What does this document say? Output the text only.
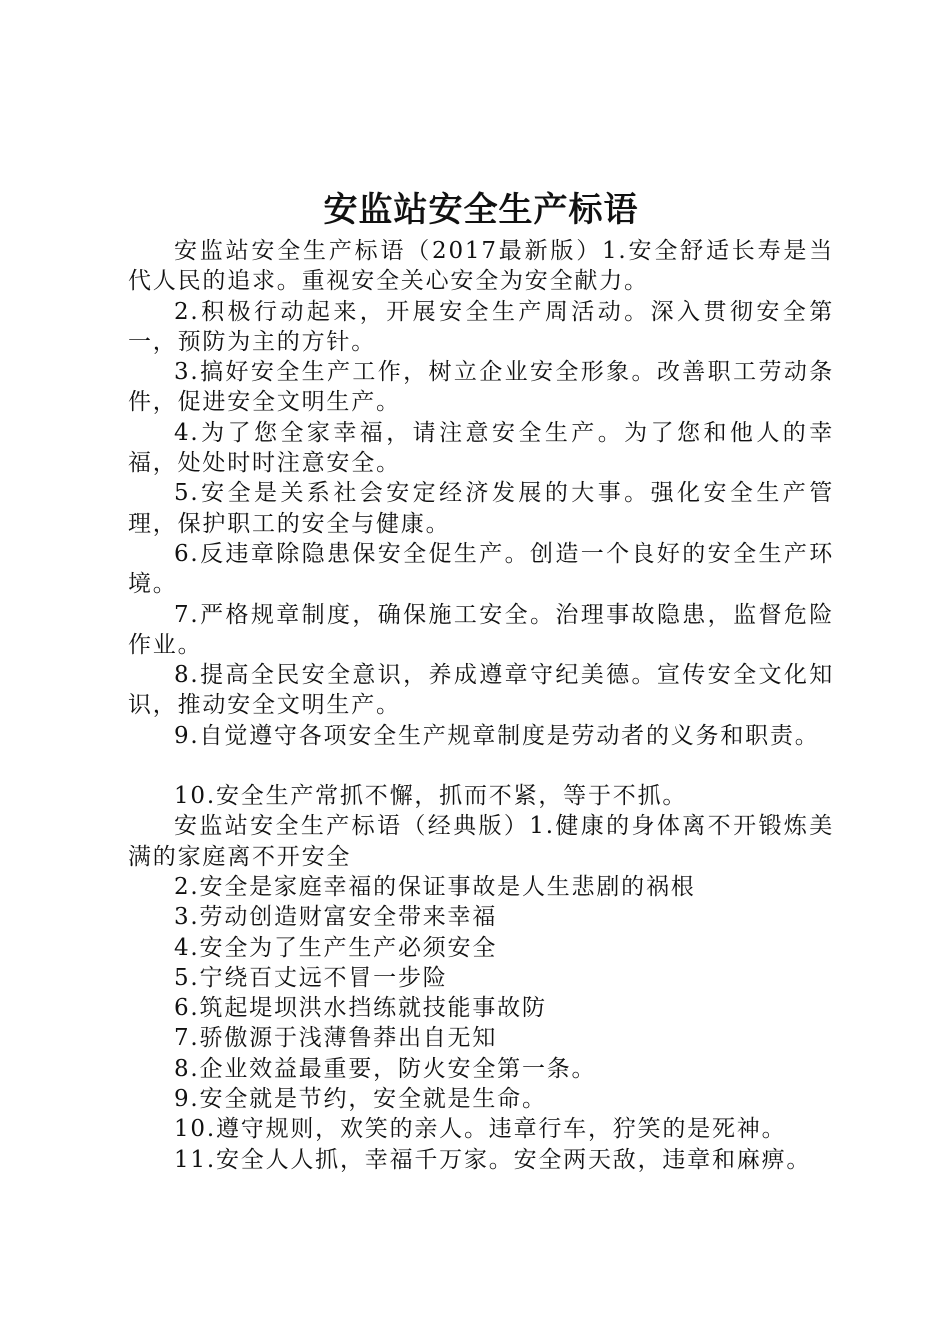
安监站安全生产标语

安监站安全生产标语（2017最新版）1.安全舒适长寿是当代人民的追求。重视安全关心安全为安全献力。

2.积极行动起来，开展安全生产周活动。深入贯彻安全第一，预防为主的方针。

3.搞好安全生产工作，树立企业安全形象。改善职工劳动条件，促进安全文明生产。

4.为了您全家幸福，请注意安全生产。为了您和他人的幸福，处处时时注意安全。

5.安全是关系社会安定经济发展的大事。强化安全生产管理，保护职工的安全与健康。

6.反违章除隐患保安全促生产。创造一个良好的安全生产环境。

7.严格规章制度，确保施工安全。治理事故隐患，监督危险作业。

8.提高全民安全意识，养成遵章守纪美德。宣传安全文化知识，推动安全文明生产。

9.自觉遵守各项安全生产规章制度是劳动者的义务和职责。

10.安全生产常抓不懈，抓而不紧，等于不抓。

安监站安全生产标语（经典版）1.健康的身体离不开锻炼美满的家庭离不开安全

2.安全是家庭幸福的保证事故是人生悲剧的祸根

3.劳动创造财富安全带来幸福

4.安全为了生产生产必须安全

5.宁绕百丈远不冒一步险

6.筑起堤坝洪水挡练就技能事故防

7.骄傲源于浅薄鲁莽出自无知

8.企业效益最重要，防火安全第一条。

9.安全就是节约，安全就是生命。

10.遵守规则，欢笑的亲人。违章行车，狞笑的是死神。

11.安全人人抓，幸福千万家。安全两天敌，违章和麻痹。
